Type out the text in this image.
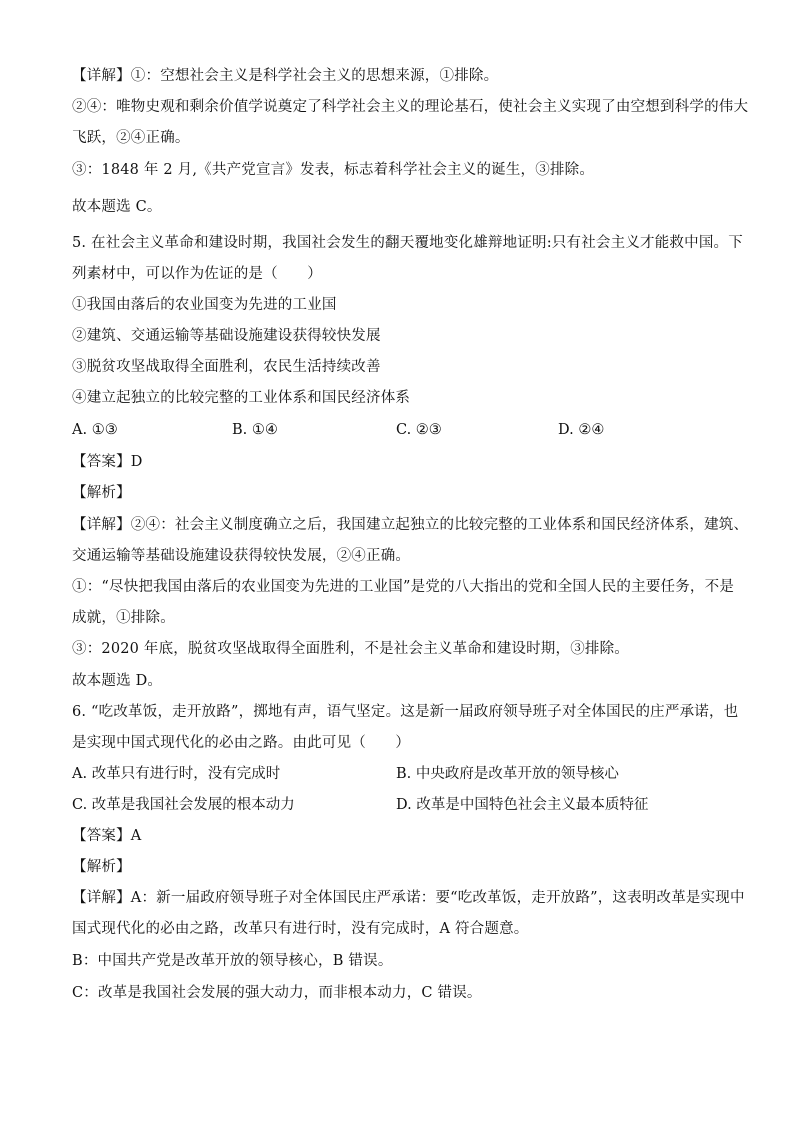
【详解】①：空想社会主义是科学社会主义的思想来源，①排除。
②④：唯物史观和剩余价值学说奠定了科学社会主义的理论基石，使社会主义实现了由空想到科学的伟大
飞跃，②④正确。
③：1848 年 2 月,《共产党宣言》发表，标志着科学社会主义的诞生，③排除。
故本题选 C。
5. 在社会主义革命和建设时期，我国社会发生的翻天覆地变化雄辩地证明:只有社会主义才能救中国。下
列素材中，可以作为佐证的是（　　）
①我国由落后的农业国变为先进的工业国
②建筑、交通运输等基础设施建设获得较快发展
③脱贫攻坚战取得全面胜利，农民生活持续改善
④建立起独立的比较完整的工业体系和国民经济体系
A. ①③	B. ①④	C. ②③	D. ②④
【答案】D
【解析】
【详解】②④：社会主义制度确立之后，我国建立起独立的比较完整的工业体系和国民经济体系，建筑、
交通运输等基础设施建设获得较快发展，②④正确。
①：“尽快把我国由落后的农业国变为先进的工业国”是党的八大指出的党和全国人民的主要任务，不是
成就，①排除。
③：2020 年底，脱贫攻坚战取得全面胜利，不是社会主义革命和建设时期，③排除。
故本题选 D。
6. “吃改革饭，走开放路”，掷地有声，语气坚定。这是新一届政府领导班子对全体国民的庄严承诺，也
是实现中国式现代化的必由之路。由此可见（　　）
A. 改革只有进行时，没有完成时	B. 中央政府是改革开放的领导核心
C. 改革是我国社会发展的根本动力	D. 改革是中国特色社会主义最本质特征
【答案】A
【解析】
【详解】A：新一届政府领导班子对全体国民庄严承诺：要“吃改革饭，走开放路”，这表明改革是实现中
国式现代化的必由之路，改革只有进行时，没有完成时，A 符合题意。
B：中国共产党是改革开放的领导核心，B 错误。
C：改革是我国社会发展的强大动力，而非根本动力，C 错误。
